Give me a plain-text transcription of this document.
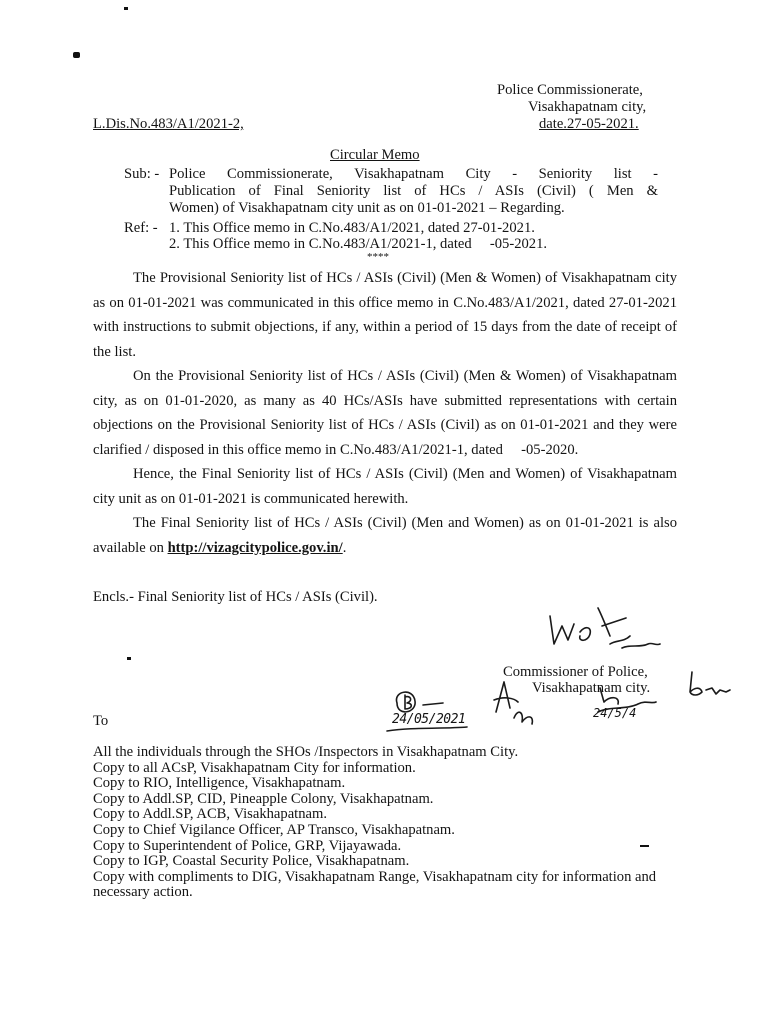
Police Commissionerate,
Visakhapatnam city,
date.27-05-2021.
L.Dis.No.483/A1/2021-2,
Circular Memo
Sub: - Police Commissionerate, Visakhapatnam City - Seniority list -
Publication of Final Seniority list of HCs / ASIs (Civil) ( Men &
Women) of Visakhapatnam city unit as on 01-01-2021 – Regarding.
Ref: - 1. This Office memo in C.No.483/A1/2021, dated 27-01-2021.
2. This Office memo in C.No.483/A1/2021-1, dated     -05-2021.
****

The Provisional Seniority list of HCs / ASIs (Civil) (Men & Women) of Visakhapatnam city as on 01-01-2021 was communicated in this office memo in C.No.483/A1/2021, dated 27-01-2021 with instructions to submit objections, if any, within a period of 15 days from the date of receipt of the list.

On the Provisional Seniority list of HCs / ASIs (Civil) (Men & Women) of Visakhapatnam city, as on 01-01-2020, as many as 40 HCs/ASIs have submitted representations with certain objections on the Provisional Seniority list of HCs / ASIs (Civil) as on 01-01-2021 and they were clarified / disposed in this office memo in C.No.483/A1/2021-1, dated     -05-2020.

Hence, the Final Seniority list of HCs / ASIs (Civil) (Men and Women) of Visakhapatnam city unit as on 01-01-2021 is communicated herewith.

The Final Seniority list of HCs / ASIs (Civil) (Men and Women) as on 01-01-2021 is also available on http://vizagcitypolice.gov.in/.

Encls.- Final Seniority list of HCs / ASIs (Civil).
Commissioner of Police,
Visakhapatnam city.
24/05/2021	24/5/4
To
All the individuals through the SHOs /Inspectors in Visakhapatnam City.
Copy to all ACsP, Visakhapatnam City for information.
Copy to RIO, Intelligence, Visakhapatnam.
Copy to Addl.SP, CID, Pineapple Colony, Visakhapatnam.
Copy to Addl.SP, ACB, Visakhapatnam.
Copy to Chief Vigilance Officer, AP Transco, Visakhapatnam.
Copy to Superintendent of Police, GRP, Vijayawada.
Copy to IGP, Coastal Security Police, Visakhapatnam.
Copy with compliments to DIG, Visakhapatnam Range, Visakhapatnam city for information and necessary action.
